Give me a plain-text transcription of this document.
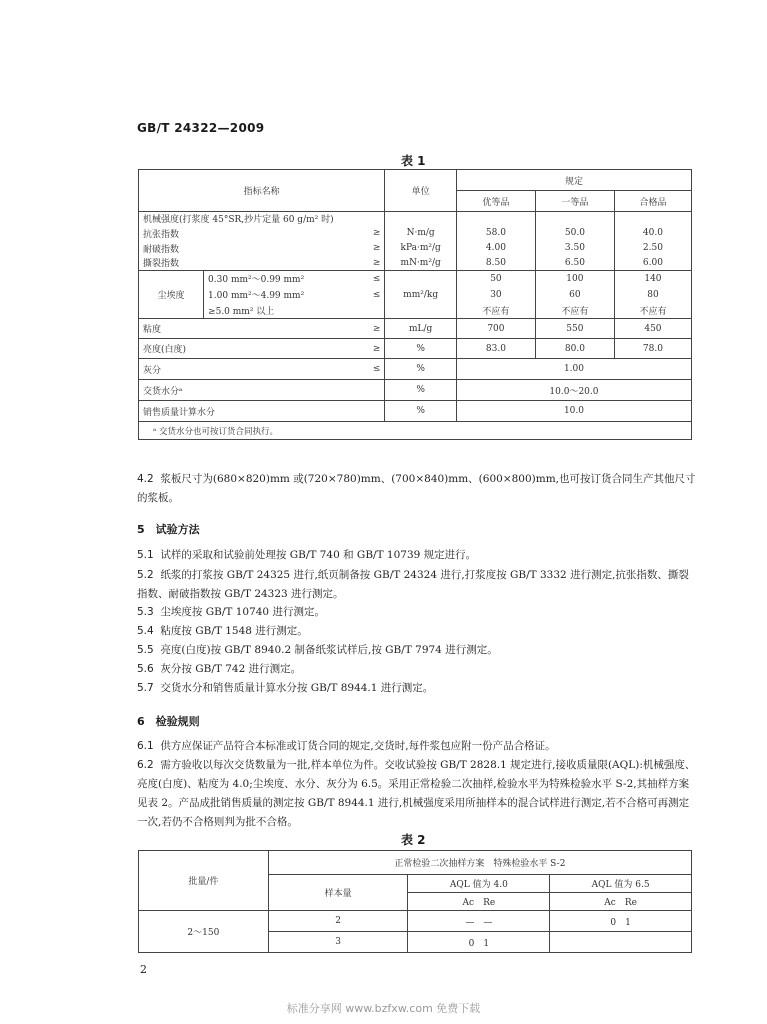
GB/T 24322—2009
表 1
指标名称			单位	规定		
				优等品	一等品	合格品
机械强度(打浆度 45°SR,抄片定量 60 g/m² 时)						
抗张指数		≥	N·m/g	58.0	50.0	40.0
耐破指数		≥	kPa·m²/g	4.00	3.50	2.50
撕裂指数		≥	mN·m²/g	8.50	6.50	6.00
尘埃度	0.30 mm²～0.99 mm²	≤	mm²/kg	50	100	140
	1.00 mm²～4.99 mm²	≤		30	60	80
	≥5.0 mm² 以上			不应有	不应有	不应有
粘度		≥	mL/g	700	550	450
亮度(白度)		≥	%	83.0	80.0	78.0
灰分		≤	%	1.00		
交货水分ᵃ			%	10.0～20.0		
销售质量计算水分			%	10.0		
ᵃ 交货水分也可按订货合同执行。						
4.2 浆板尺寸为(680×820)mm 或(720×780)mm、(700×840)mm、(600×800)mm,也可按订货合同生产其他尺寸的浆板。
5　试验方法
5.1 试样的采取和试验前处理按 GB/T 740 和 GB/T 10739 规定进行。
5.2 纸浆的打浆按 GB/T 24325 进行,纸页制备按 GB/T 24324 进行,打浆度按 GB/T 3332 进行测定,抗张指数、撕裂指数、耐破指数按 GB/T 24323 进行测定。
5.3 尘埃度按 GB/T 10740 进行测定。
5.4 粘度按 GB/T 1548 进行测定。
5.5 亮度(白度)按 GB/T 8940.2 制备纸浆试样后,按 GB/T 7974 进行测定。
5.6 灰分按 GB/T 742 进行测定。
5.7 交货水分和销售质量计算水分按 GB/T 8944.1 进行测定。
6　检验规则
6.1 供方应保证产品符合本标准或订货合同的规定,交货时,每件浆包应附一份产品合格证。
6.2 需方验收以每次交货数量为一批,样本单位为件。交收试验按 GB/T 2828.1 规定进行,接收质量限(AQL):机械强度、亮度(白度)、粘度为 4.0;尘埃度、水分、灰分为 6.5。采用正常检验二次抽样,检验水平为特殊检验水平 S-2,其抽样方案见表 2。产品成批销售质量的测定按 GB/T 8944.1 进行,机械强度采用所抽样本的混合试样进行测定,若不合格可再测定一次,若仍不合格则判为批不合格。
表 2
批量/件	正常检验二次抽样方案　特殊检验水平 S-2		
	样本量	AQL 值为 4.0	AQL 值为 6.5
		Ac　Re	Ac　Re
2～150	2	—　—	0　1
	3	0　1	
2
标准分享网 www.bzfxw.com 免费下载
